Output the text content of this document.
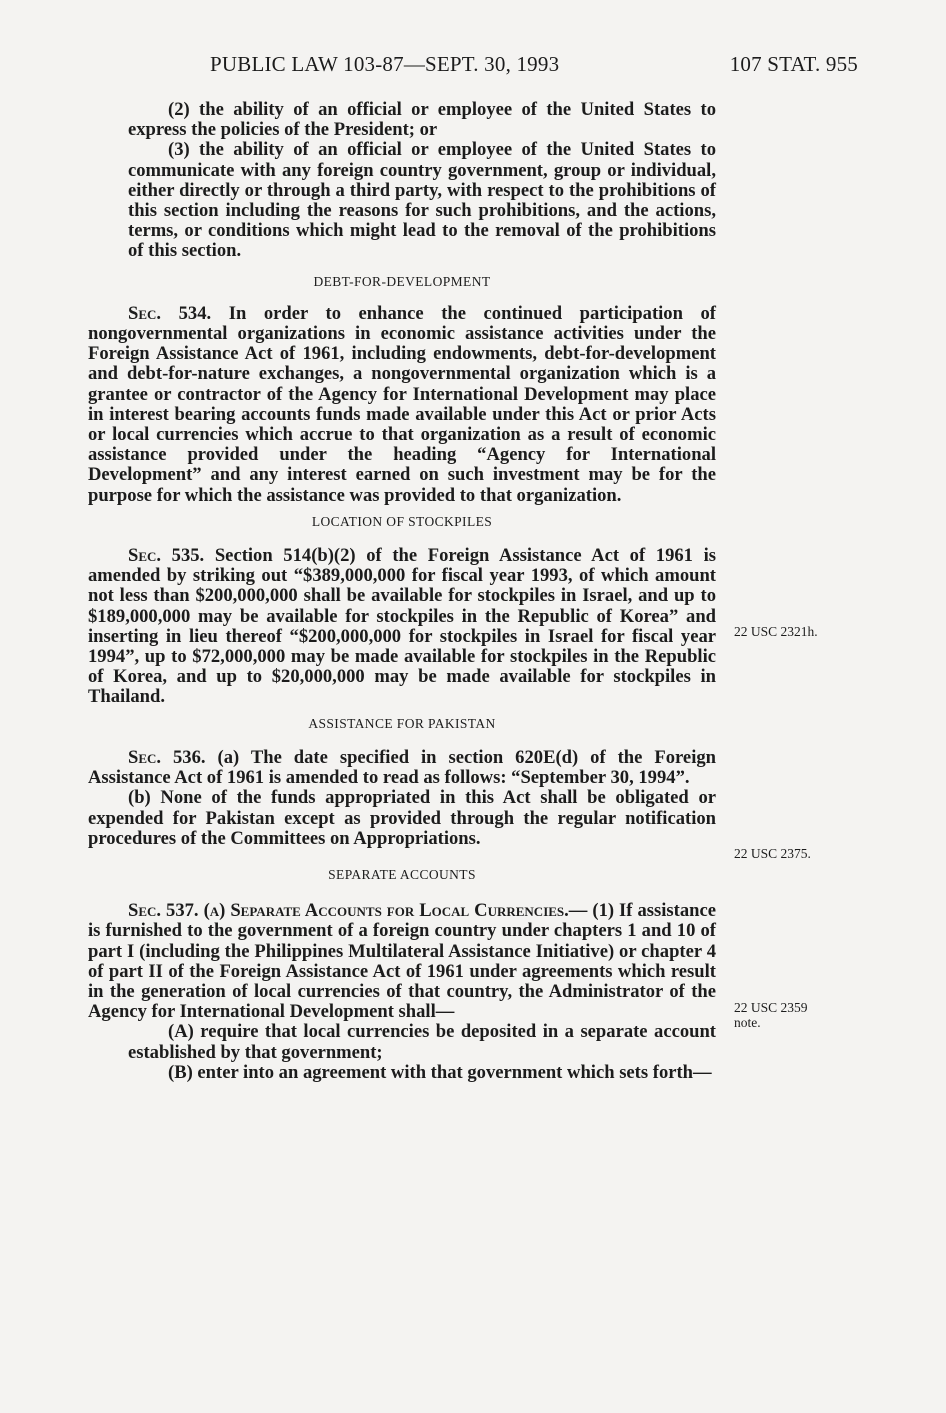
PUBLIC LAW 103-87—SEPT. 30, 1993	107 STAT. 955

(2) the ability of an official or employee of the United States to express the policies of the President; or

(3) the ability of an official or employee of the United States to communicate with any foreign country government, group or individual, either directly or through a third party, with respect to the prohibitions of this section including the reasons for such prohibitions, and the actions, terms, or conditions which might lead to the removal of the prohibitions of this section.

DEBT-FOR-DEVELOPMENT

Sec. 534. In order to enhance the continued participation of nongovernmental organizations in economic assistance activities under the Foreign Assistance Act of 1961, including endowments, debt-for-development and debt-for-nature exchanges, a nongovernmental organization which is a grantee or contractor of the Agency for International Development may place in interest bearing accounts funds made available under this Act or prior Acts or local currencies which accrue to that organization as a result of economic assistance provided under the heading “Agency for International Development” and any interest earned on such investment may be for the purpose for which the assistance was provided to that organization.

LOCATION OF STOCKPILES

Sec. 535. Section 514(b)(2) of the Foreign Assistance Act of 1961 is amended by striking out “$389,000,000 for fiscal year 1993, of which amount not less than $200,000,000 shall be available for stockpiles in Israel, and up to $189,000,000 may be available for stockpiles in the Republic of Korea” and inserting in lieu thereof “$200,000,000 for stockpiles in Israel for fiscal year 1994”, up to $72,000,000 may be made available for stockpiles in the Republic of Korea, and up to $20,000,000 may be made available for stockpiles in Thailand.

ASSISTANCE FOR PAKISTAN

Sec. 536. (a) The date specified in section 620E(d) of the Foreign Assistance Act of 1961 is amended to read as follows: “September 30, 1994”.

(b) None of the funds appropriated in this Act shall be obligated or expended for Pakistan except as provided through the regular notification procedures of the Committees on Appropriations.

SEPARATE ACCOUNTS

Sec. 537. (a) Separate Accounts for Local Currencies.— (1) If assistance is furnished to the government of a foreign country under chapters 1 and 10 of part I (including the Philippines Multilateral Assistance Initiative) or chapter 4 of part II of the Foreign Assistance Act of 1961 under agreements which result in the generation of local currencies of that country, the Administrator of the Agency for International Development shall—

(A) require that local currencies be deposited in a separate account established by that government;

(B) enter into an agreement with that government which sets forth—

22 USC 2321h.
22 USC 2375.
22 USC 2359
note.
